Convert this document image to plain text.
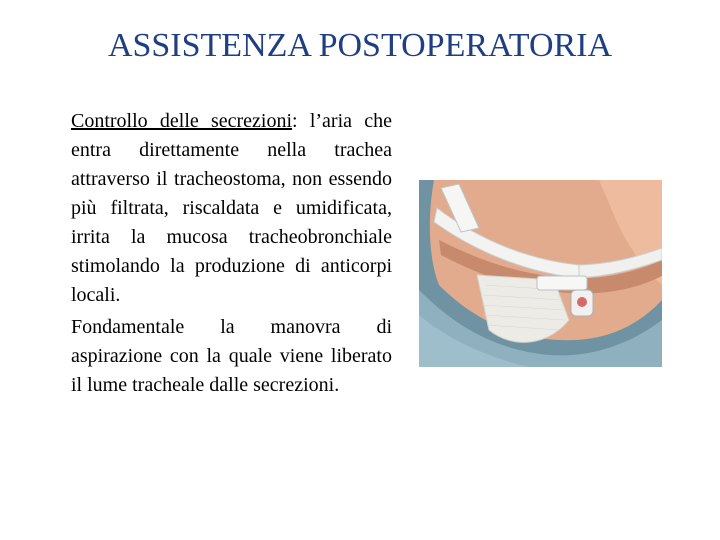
ASSISTENZA POSTOPERATORIA

Controllo delle secrezioni: l’aria che entra direttamente nella trachea attraverso il tracheostoma, non essendo più filtrata, riscaldata e umidificata, irrita la mucosa tracheobronchiale stimolando la produzione di anticorpi locali.

Fondamentale la manovra di aspirazione con la quale viene liberato il lume tracheale dalle secrezioni.
